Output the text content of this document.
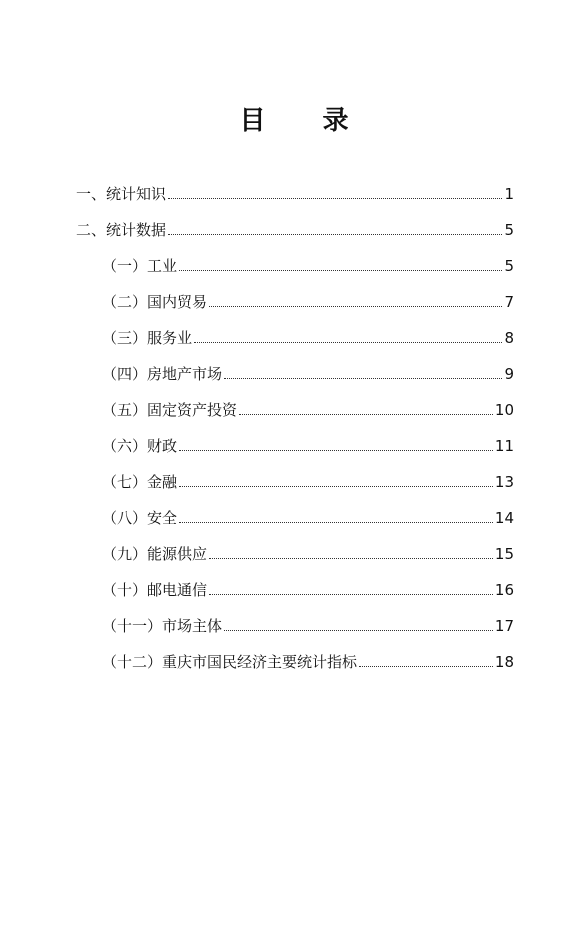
目 录
一、统计知识	1
二、统计数据	5
（一）工业	5
（二）国内贸易	7
（三）服务业	8
（四）房地产市场	9
（五）固定资产投资	10
（六）财政	11
（七）金融	13
（八）安全	14
（九）能源供应	15
（十）邮电通信	16
（十一）市场主体	17
（十二）重庆市国民经济主要统计指标	18
